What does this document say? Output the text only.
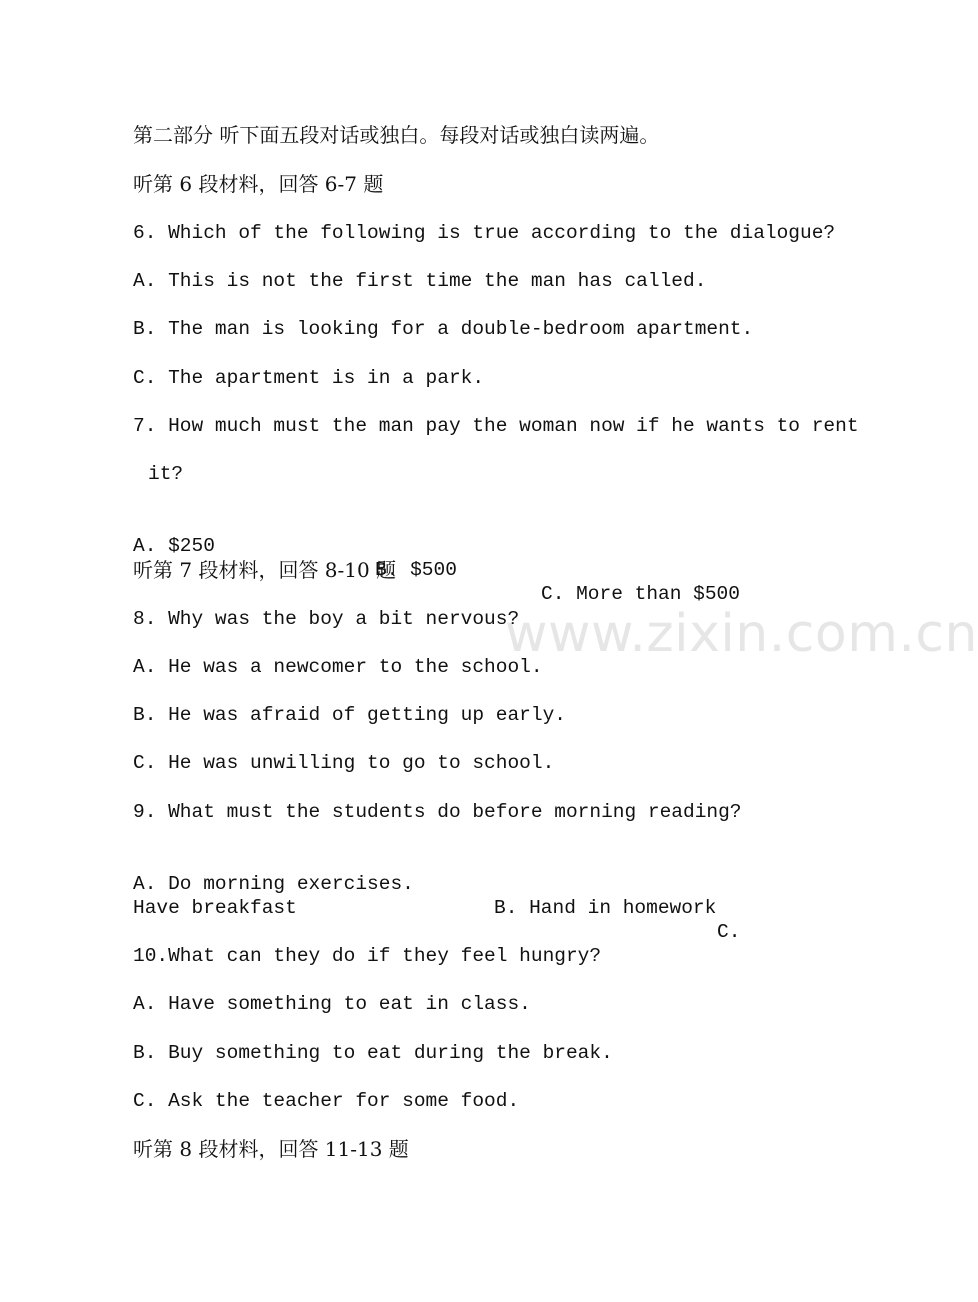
www.zixin.com.cn
第二部分 听下面五段对话或独白。每段对话或独白读两遍。
听第 6 段材料，回答 6-7 题
6. Which of the following is true according to the dialogue?
A. This is not the first time the man has called.
B. The man is looking for a double-bedroom apartment.
C. The apartment is in a park.
7. How much must the man pay the woman now if he wants to rent
it?

A. $250

B. $500

C. More than $500

听第 7 段材料，回答 8-10 题
8. Why was the boy a bit nervous?
A. He was a newcomer to the school.
B. He was afraid of getting up early.
C. He was unwilling to go to school.
9. What must the students do before morning reading?

A. Do morning exercises.

B. Hand in homework

C.

Have breakfast
10.What can they do if they feel hungry?
A. Have something to eat in class.
B. Buy something to eat during the break.
C. Ask the teacher for some food.
听第 8 段材料，回答 11-13 题
